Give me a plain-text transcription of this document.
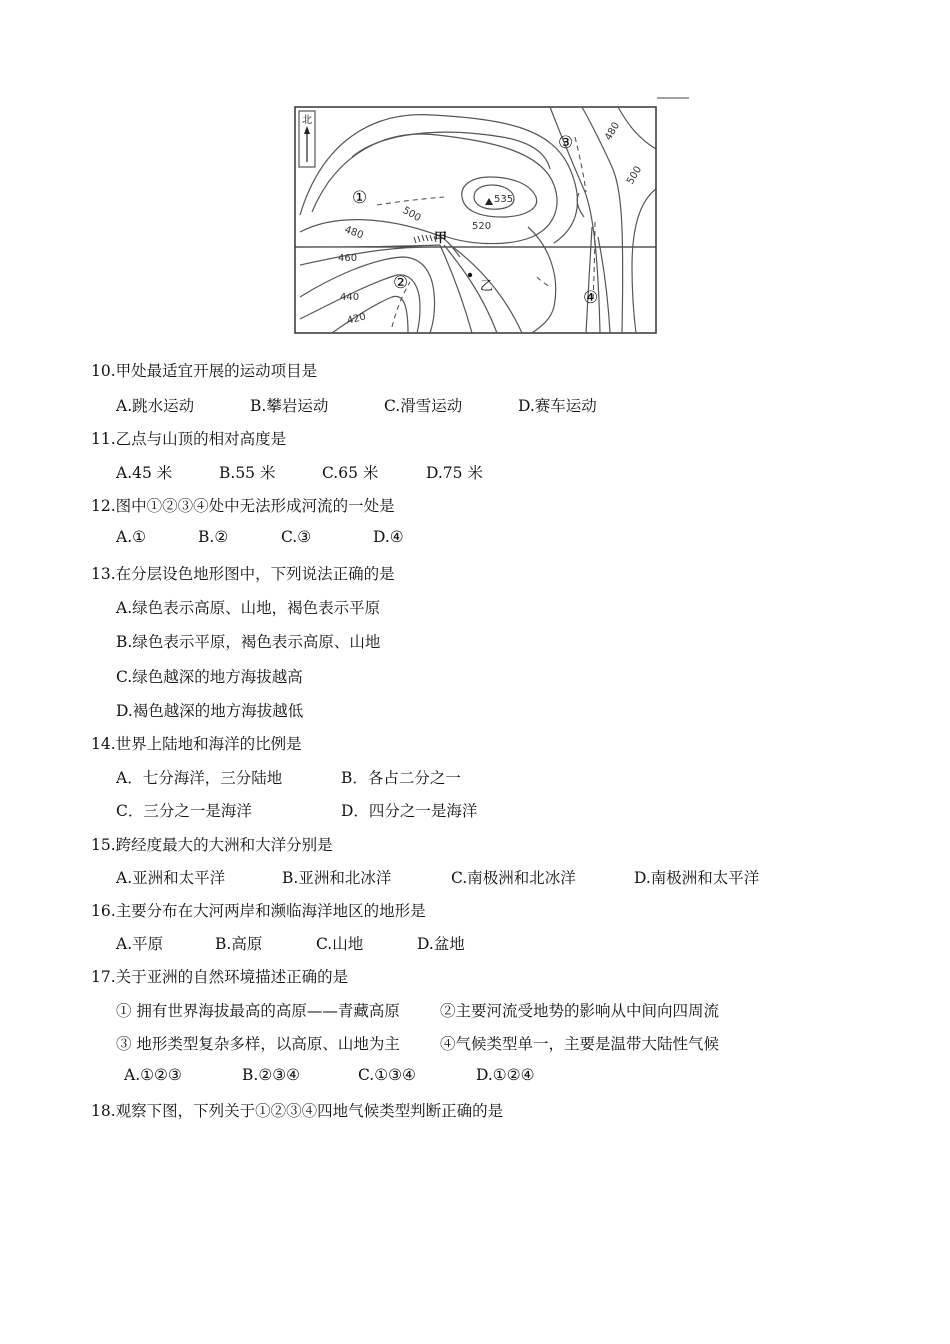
北
535
乙
甲
①
②
③
④
420
440
460
480
500
520
480
500
10.甲处最适宜开展的运动项目是
A.跳水运动	B.攀岩运动	C.滑雪运动	D.赛车运动
11.乙点与山顶的相对高度是
A.45 米	B.55 米	C.65 米	D.75 米
12.图中①②③④处中无法形成河流的一处是
A.①	B.②	C.③	D.④
13.在分层设色地形图中，下列说法正确的是
A.绿色表示高原、山地，褐色表示平原
B.绿色表示平原，褐色表示高原、山地
C.绿色越深的地方海拔越高
D.褐色越深的地方海拔越低
14.世界上陆地和海洋的比例是
A．七分海洋，三分陆地	B．各占二分之一
C．三分之一是海洋	D．四分之一是海洋
15.跨经度最大的大洲和大洋分别是
A.亚洲和太平洋	B.亚洲和北冰洋	C.南极洲和北冰洋	D.南极洲和太平洋
16.主要分布在大河两岸和濒临海洋地区的地形是
A.平原	B.高原	C.山地	D.盆地
17.关于亚洲的自然环境描述正确的是
① 拥有世界海拔最高的高原——青藏高原	②主要河流受地势的影响从中间向四周流
③ 地形类型复杂多样，以高原、山地为主	④气候类型单一，主要是温带大陆性气候
A.①②③	B.②③④	C.①③④	D.①②④
18.观察下图，下列关于①②③④四地气候类型判断正确的是
